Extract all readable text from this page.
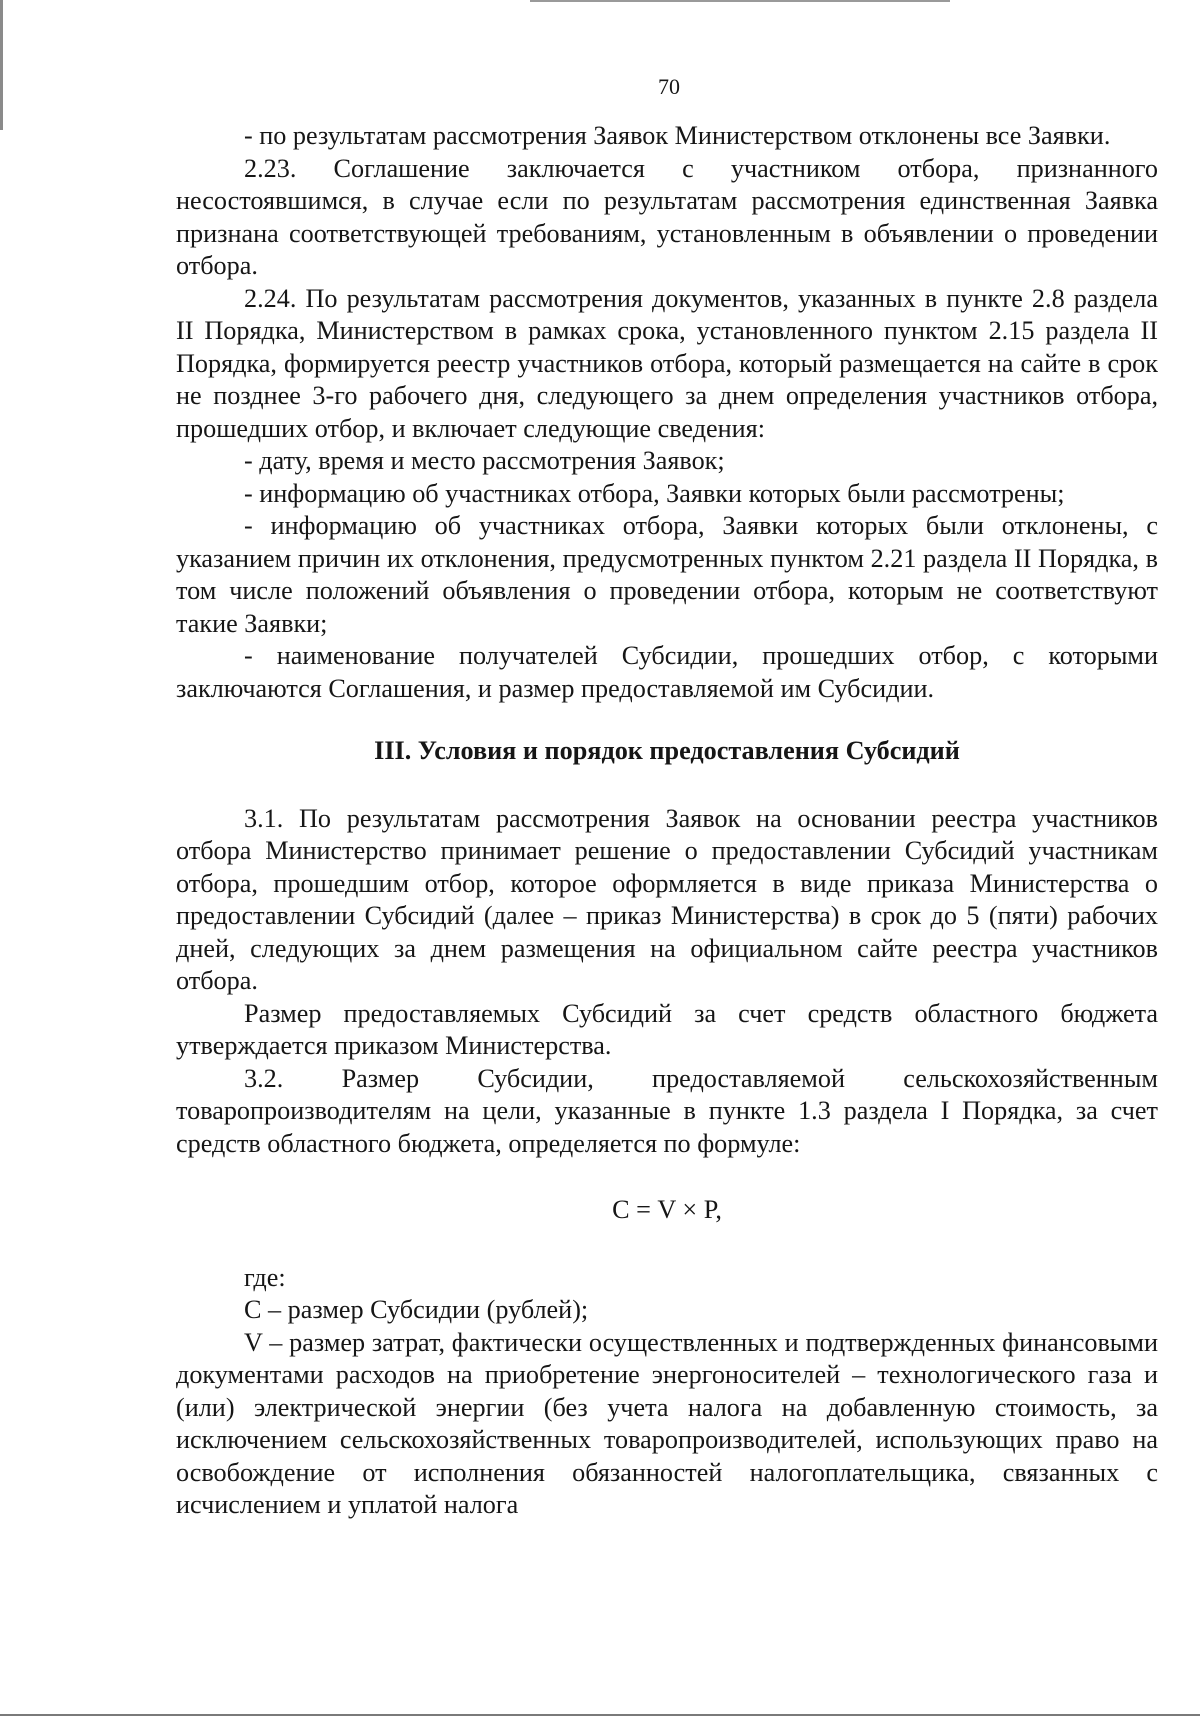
70

- по результатам рассмотрения Заявок Министерством отклонены все Заявки.

2.23. Соглашение заключается с участником отбора, признанного несостоявшимся, в случае если по результатам рассмотрения единственная Заявка признана соответствующей требованиям, установленным в объявлении о проведении отбора.

2.24. По результатам рассмотрения документов, указанных в пункте 2.8 раздела II Порядка, Министерством в рамках срока, установленного пунктом 2.15 раздела II Порядка, формируется реестр участников отбора, который размещается на сайте в срок не позднее 3-го рабочего дня, следующего за днем определения участников отбора, прошедших отбор, и включает следующие сведения:

- дату, время и место рассмотрения Заявок;

- информацию об участниках отбора, Заявки которых были рассмотрены;

- информацию об участниках отбора, Заявки которых были отклонены, с указанием причин их отклонения, предусмотренных пунктом 2.21 раздела II Порядка, в том числе положений объявления о проведении отбора, которым не соответствуют такие Заявки;

- наименование получателей Субсидии, прошедших отбор, с которыми заключаются Соглашения, и размер предоставляемой им Субсидии.

III. Условия и порядок предоставления Субсидий

3.1. По результатам рассмотрения Заявок на основании реестра участников отбора Министерство принимает решение о предоставлении Субсидий участникам отбора, прошедшим отбор, которое оформляется в виде приказа Министерства о предоставлении Субсидий (далее – приказ Министерства) в срок до 5 (пяти) рабочих дней, следующих за днем размещения на официальном сайте реестра участников отбора.

Размер предоставляемых Субсидий за счет средств областного бюджета утверждается приказом Министерства.

3.2. Размер Субсидии, предоставляемой сельскохозяйственным товаропроизводителям на цели, указанные в пункте 1.3 раздела I Порядка, за счет средств областного бюджета, определяется по формуле:

С = V × P,

где:

С – размер Субсидии (рублей);

V – размер затрат, фактически осуществленных и подтвержденных финансовыми документами расходов на приобретение энергоносителей – технологического газа и (или) электрической энергии (без учета налога на добавленную стоимость, за исключением сельскохозяйственных товаропроизводителей, использующих право на освобождение от исполнения обязанностей налогоплательщика, связанных с исчислением и уплатой налога
